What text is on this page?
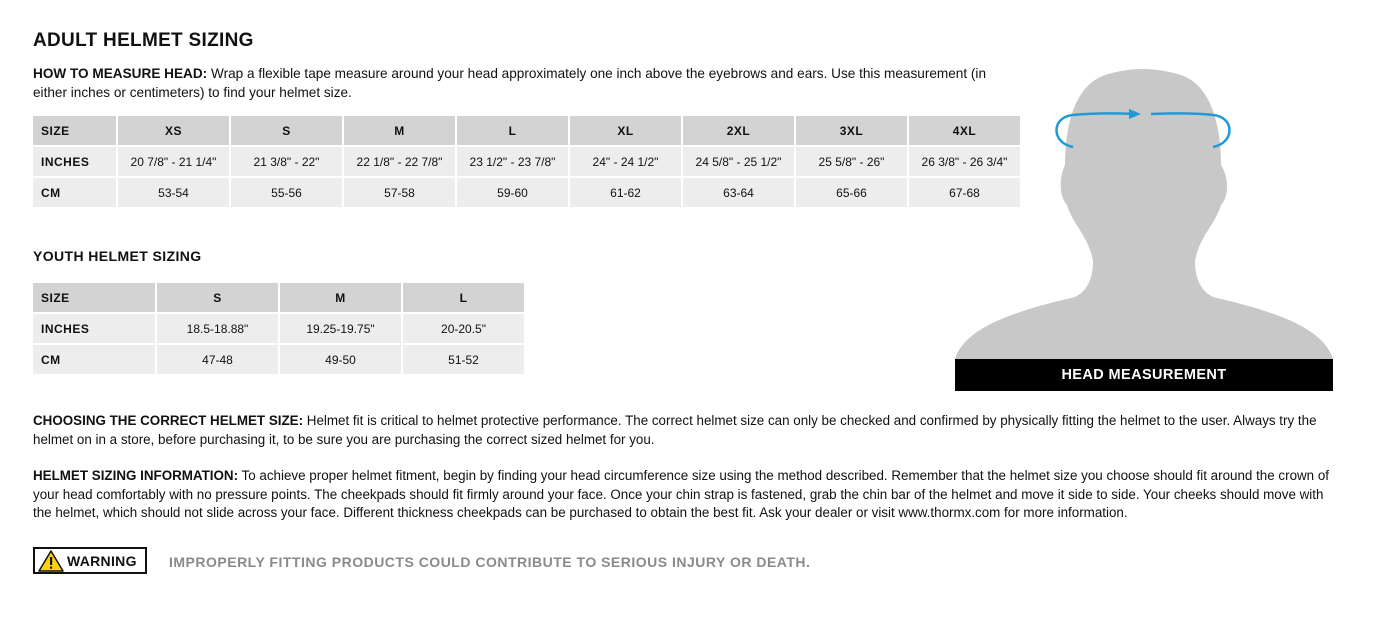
ADULT HELMET SIZING
HOW TO MEASURE HEAD: Wrap a flexible tape measure around your head approximately one inch above the eyebrows and ears. Use this measurement (in either inches or centimeters) to find your helmet size.
SIZE	XS	S	M	L	XL	2XL	3XL	4XL
INCHES	20 7/8" - 21 1/4"	21 3/8" - 22"	22 1/8" - 22 7/8"	23 1/2" - 23 7/8"	24" - 24 1/2"	24 5/8" - 25 1/2"	25 5/8" - 26"	26 3/8" - 26 3/4"
CM	53-54	55-56	57-58	59-60	61-62	63-64	65-66	67-68
YOUTH HELMET SIZING
SIZE	S	M	L
INCHES	18.5-18.88"	19.25-19.75"	20-20.5"
CM	47-48	49-50	51-52
HEAD MEASUREMENT
CHOOSING THE CORRECT HELMET SIZE: Helmet fit is critical to helmet protective performance. The correct helmet size can only be checked and confirmed by physically fitting the helmet to the user. Always try the helmet on in a store, before purchasing it, to be sure you are purchasing the correct sized helmet for you.
HELMET SIZING INFORMATION: To achieve proper helmet fitment, begin by finding your head circumference size using the method described. Remember that the helmet size you choose should fit around the crown of your head comfortably with no pressure points. The cheekpads should fit firmly around your face. Once your chin strap is fastened, grab the chin bar of the helmet and move it side to side. Your cheeks should move with the helmet, which should not slide across your face. Different thickness cheekpads can be purchased to obtain the best fit. Ask your dealer or visit www.thormx.com for more information.
WARNING IMPROPERLY FITTING PRODUCTS COULD CONTRIBUTE TO SERIOUS INJURY OR DEATH.
